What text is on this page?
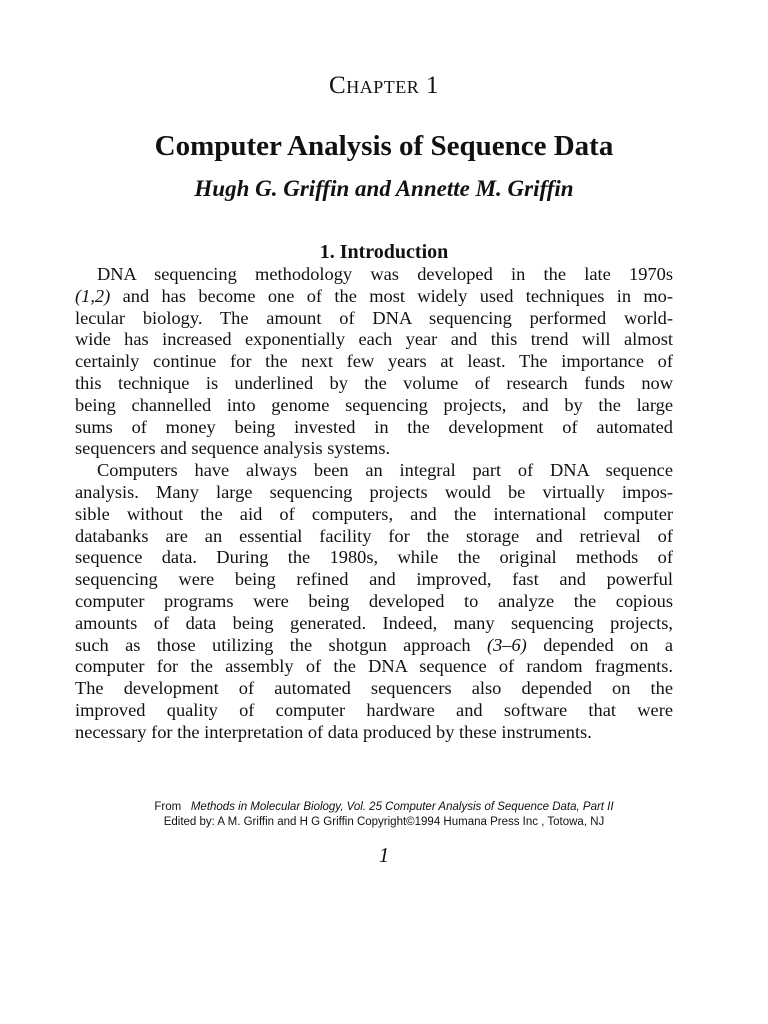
Chapter 1
Computer Analysis of Sequence Data
Hugh G. Griffin and Annette M. Griffin
1. Introduction
DNA sequencing methodology was developed in the late 1970s
(1,2) and has become one of the most widely used techniques in mo-
lecular biology. The amount of DNA sequencing performed world-
wide has increased exponentially each year and this trend will almost
certainly continue for the next few years at least. The importance of
this technique is underlined by the volume of research funds now
being channelled into genome sequencing projects, and by the large
sums of money being invested in the development of automated
sequencers and sequence analysis systems.
Computers have always been an integral part of DNA sequence
analysis. Many large sequencing projects would be virtually impos-
sible without the aid of computers, and the international computer
databanks are an essential facility for the storage and retrieval of
sequence data. During the 1980s, while the original methods of
sequencing were being refined and improved, fast and powerful
computer programs were being developed to analyze the copious
amounts of data being generated. Indeed, many sequencing projects,
such as those utilizing the shotgun approach (3–6) depended on a
computer for the assembly of the DNA sequence of random fragments.
The development of automated sequencers also depended on the
improved quality of computer hardware and software that were
necessary for the interpretation of data produced by these instruments.
From Methods in Molecular Biology, Vol. 25 Computer Analysis of Sequence Data, Part II
Edited by: A M. Griffin and H G Griffin Copyright©1994 Humana Press Inc , Totowa, NJ
1
